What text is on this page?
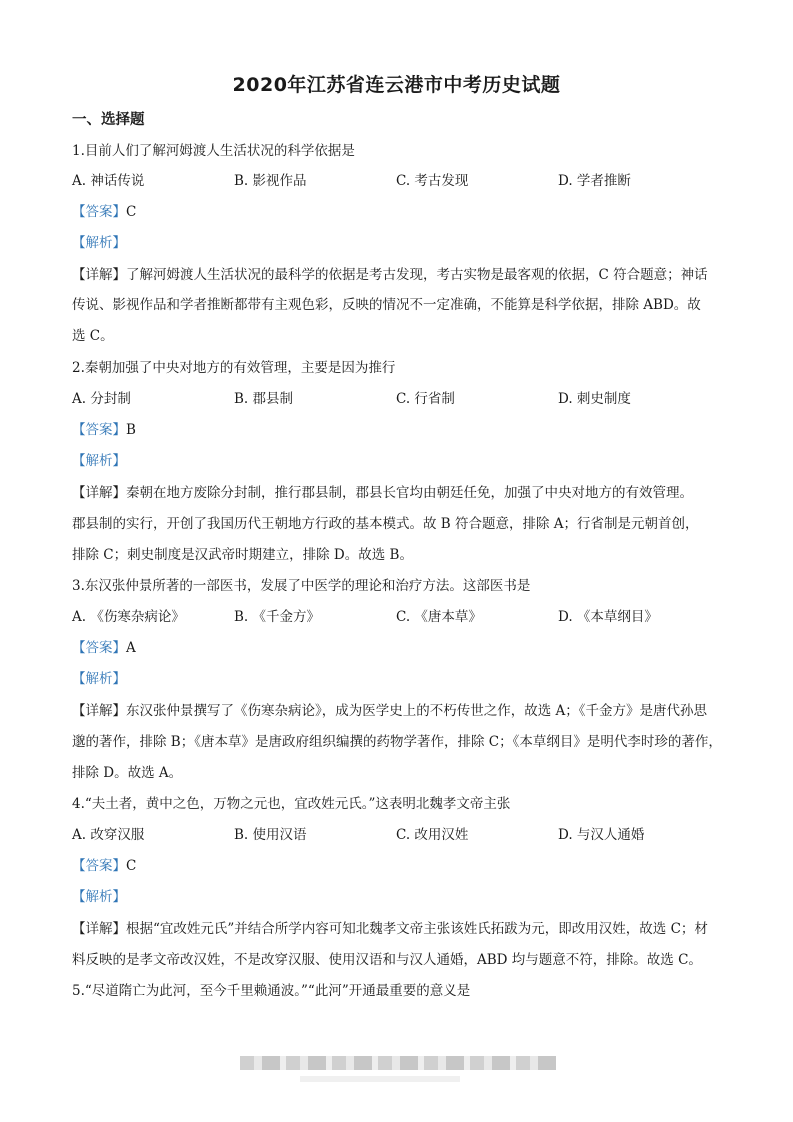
2020年江苏省连云港市中考历史试题
一、选择题
1.目前人们了解河姆渡人生活状况的科学依据是
A. 神话传说	B. 影视作品	C. 考古发现	D. 学者推断
【答案】C
【解析】
【详解】了解河姆渡人生活状况的最科学的依据是考古发现，考古实物是最客观的依据，C 符合题意；神话
传说、影视作品和学者推断都带有主观色彩，反映的情况不一定准确，不能算是科学依据，排除 ABD。故
选 C。
2.秦朝加强了中央对地方的有效管理，主要是因为推行
A. 分封制	B. 郡县制	C. 行省制	D. 刺史制度
【答案】B
【解析】
【详解】秦朝在地方废除分封制，推行郡县制，郡县长官均由朝廷任免，加强了中央对地方的有效管理。
郡县制的实行，开创了我国历代王朝地方行政的基本模式。故 B 符合题意，排除 A；行省制是元朝首创，
排除 C；刺史制度是汉武帝时期建立，排除 D。故选 B。
3.东汉张仲景所著的一部医书，发展了中医学的理论和治疗方法。这部医书是
A. 《伤寒杂病论》	B. 《千金方》	C. 《唐本草》	D. 《本草纲目》
【答案】A
【解析】
【详解】东汉张仲景撰写了《伤寒杂病论》，成为医学史上的不朽传世之作，故选 A；《千金方》是唐代孙思
邈的著作，排除 B；《唐本草》是唐政府组织编撰的药物学著作，排除 C；《本草纲目》是明代李时珍的著作，
排除 D。故选 A。
4.“夫土者，黄中之色，万物之元也，宜改姓元氏。”这表明北魏孝文帝主张
A. 改穿汉服	B. 使用汉语	C. 改用汉姓	D. 与汉人通婚
【答案】C
【解析】
【详解】根据“宜改姓元氏”并结合所学内容可知北魏孝文帝主张该姓氏拓跋为元，即改用汉姓，故选 C；材
料反映的是孝文帝改汉姓，不是改穿汉服、使用汉语和与汉人通婚，ABD 均与题意不符，排除。故选 C。
5.“尽道隋亡为此河，至今千里赖通波。”“此河”开通最重要的意义是
